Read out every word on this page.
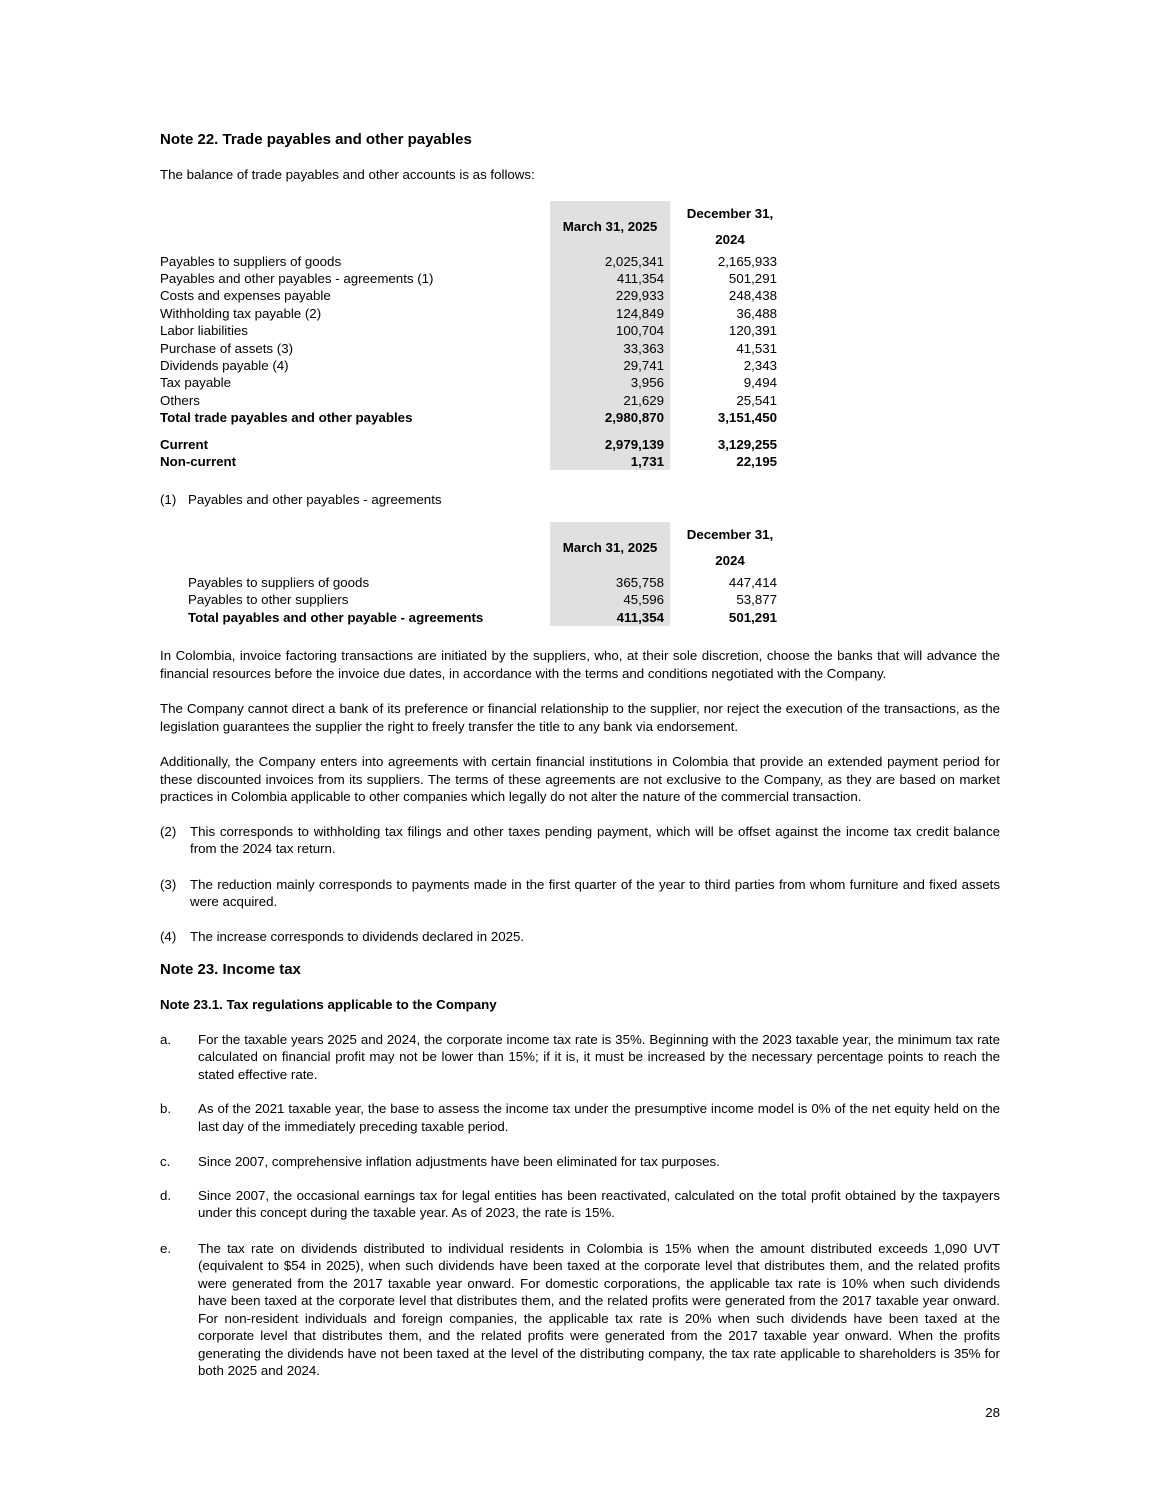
Note 22. Trade payables and other payables
The balance of trade payables and other accounts is as follows:
March 31, 2025
December 31,
2024
Payables to suppliers of goods	2,025,341	2,165,933
Payables and other payables - agreements (1)	411,354	501,291
Costs and expenses payable	229,933	248,438
Withholding tax payable (2)	124,849	36,488
Labor liabilities	100,704	120,391
Purchase of assets (3)	33,363	41,531
Dividends payable (4)	29,741	2,343
Tax payable	3,956	9,494
Others	21,629	25,541
Total trade payables and other payables	2,980,870	3,151,450
Current	2,979,139	3,129,255
Non-current	1,731	22,195
(1) Payables and other payables - agreements
March 31, 2025
December 31,
2024
Payables to suppliers of goods	365,758	447,414
Payables to other suppliers	45,596	53,877
Total payables and other payable - agreements	411,354	501,291
In Colombia, invoice factoring transactions are initiated by the suppliers, who, at their sole discretion, choose the banks that will advance the financial resources before the invoice due dates, in accordance with the terms and conditions negotiated with the Company.
The Company cannot direct a bank of its preference or financial relationship to the supplier, nor reject the execution of the transactions, as the legislation guarantees the supplier the right to freely transfer the title to any bank via endorsement.
Additionally, the Company enters into agreements with certain financial institutions in Colombia that provide an extended payment period for these discounted invoices from its suppliers. The terms of these agreements are not exclusive to the Company, as they are based on market practices in Colombia applicable to other companies which legally do not alter the nature of the commercial transaction.
(2)	This corresponds to withholding tax filings and other taxes pending payment, which will be offset against the income tax credit balance from the 2024 tax return.
(3)	The reduction mainly corresponds to payments made in the first quarter of the year to third parties from whom furniture and fixed assets were acquired.
(4)	The increase corresponds to dividends declared in 2025.
Note 23. Income tax
Note 23.1. Tax regulations applicable to the Company
a.	For the taxable years 2025 and 2024, the corporate income tax rate is 35%. Beginning with the 2023 taxable year, the minimum tax rate calculated on financial profit may not be lower than 15%; if it is, it must be increased by the necessary percentage points to reach the stated effective rate.
b.	As of the 2021 taxable year, the base to assess the income tax under the presumptive income model is 0% of the net equity held on the last day of the immediately preceding taxable period.
c.	Since 2007, comprehensive inflation adjustments have been eliminated for tax purposes.
d.	Since 2007, the occasional earnings tax for legal entities has been reactivated, calculated on the total profit obtained by the taxpayers under this concept during the taxable year. As of 2023, the rate is 15%.
e.	The tax rate on dividends distributed to individual residents in Colombia is 15% when the amount distributed exceeds 1,090 UVT (equivalent to $54 in 2025), when such dividends have been taxed at the corporate level that distributes them, and the related profits were generated from the 2017 taxable year onward. For domestic corporations, the applicable tax rate is 10% when such dividends have been taxed at the corporate level that distributes them, and the related profits were generated from the 2017 taxable year onward. For non-resident individuals and foreign companies, the applicable tax rate is 20% when such dividends have been taxed at the corporate level that distributes them, and the related profits were generated from the 2017 taxable year onward. When the profits generating the dividends have not been taxed at the level of the distributing company, the tax rate applicable to shareholders is 35% for both 2025 and 2024.
28
